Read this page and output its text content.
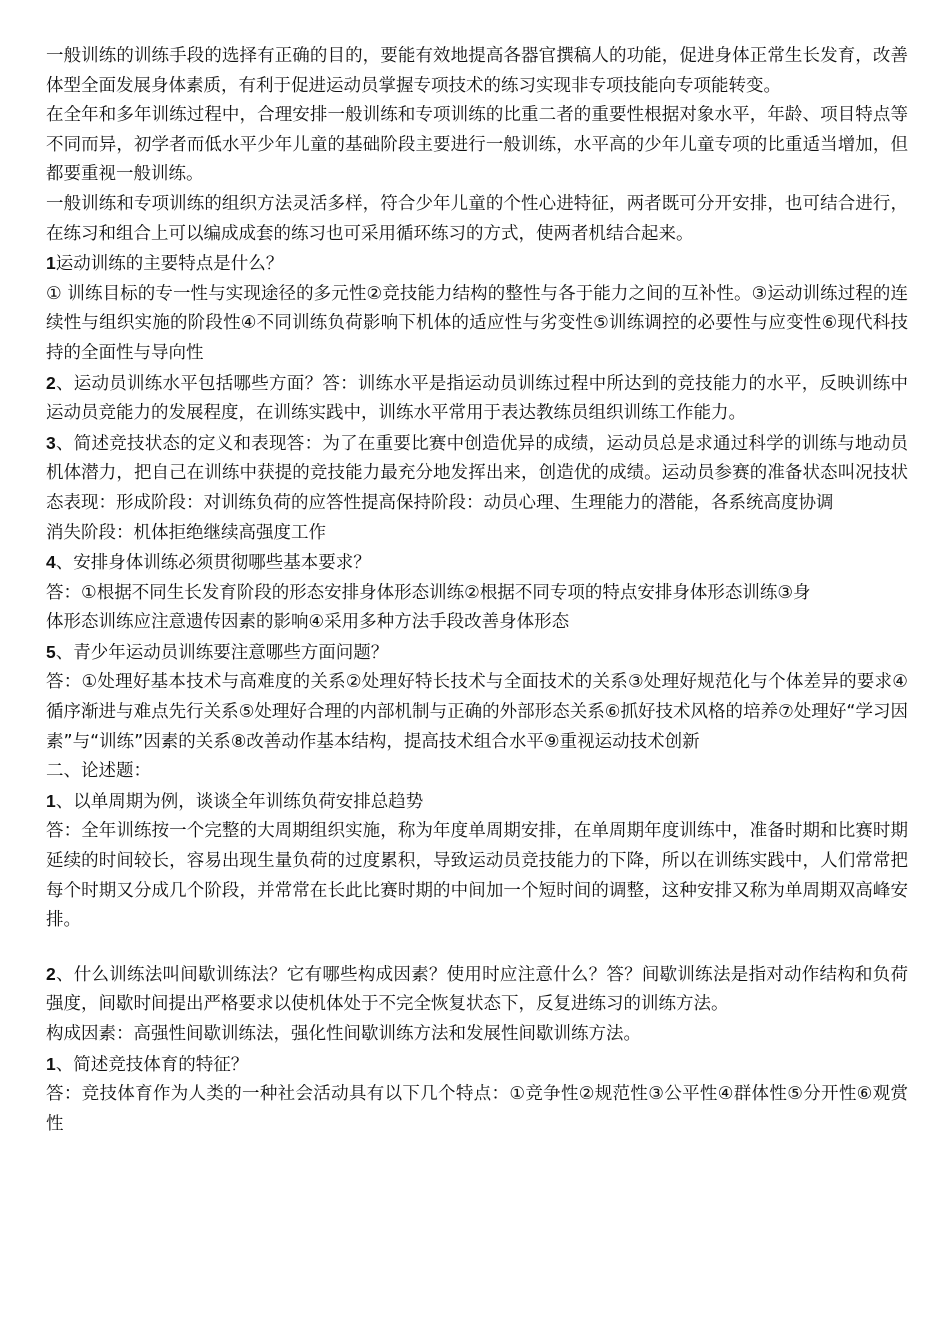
一般训练的训练手段的选择有正确的目的，要能有效地提高各器官撰稿人的功能，促进身体正常生长发育，改善体型全面发展身体素质，有利于促进运动员掌握专项技术的练习实现非专项技能向专项能转变。

在全年和多年训练过程中，合理安排一般训练和专项训练的比重二者的重要性根据对象水平，年龄、项目特点等不同而异，初学者而低水平少年儿童的基础阶段主要进行一般训练，水平高的少年儿童专项的比重适当增加，但都要重视一般训练。

一般训练和专项训练的组织方法灵活多样，符合少年儿童的个性心进特征，两者既可分开安排，也可结合进行，在练习和组合上可以编成成套的练习也可采用循环练习的方式，使两者机结合起来。

1运动训练的主要特点是什么？

① 训练目标的专一性与实现途径的多元性②竞技能力结构的整性与各于能力之间的互补性。③运动训练过程的连续性与组织实施的阶段性④不同训练负荷影响下机体的适应性与劣变性⑤训练调控的必要性与应变性⑥现代科技持的全面性与导向性

2、运动员训练水平包括哪些方面？答：训练水平是指运动员训练过程中所达到的竞技能力的水平，反映训练中运动员竞能力的发展程度，在训练实践中，训练水平常用于表达教练员组织训练工作能力。

3、简述竞技状态的定义和表现答：为了在重要比赛中创造优异的成绩，运动员总是求通过科学的训练与地动员机体潜力，把自己在训练中获提的竞技能力最充分地发挥出来，创造优的成绩。运动员参赛的准备状态叫况技状态表现：形成阶段：对训练负荷的应答性提高保持阶段：动员心理、生理能力的潜能，各系统高度协调

消失阶段：机体拒绝继续高强度工作

4、安排身体训练必须贯彻哪些基本要求？

答：①根据不同生长发育阶段的形态安排身体形态训练②根据不同专项的特点安排身体形态训练③身

体形态训练应注意遗传因素的影响④采用多种方法手段改善身体形态

5、青少年运动员训练要注意哪些方面问题？

答：①处理好基本技术与高难度的关系②处理好特长技术与全面技术的关系③处理好规范化与个体差异的要求④循序渐进与难点先行关系⑤处理好合理的内部机制与正确的外部形态关系⑥抓好技术风格的培养⑦处理好“学习因素”与“训练”因素的关系⑧改善动作基本结构，提高技术组合水平⑨重视运动技术创新

二、论述题：

1、以单周期为例，谈谈全年训练负荷安排总趋势

答：全年训练按一个完整的大周期组织实施，称为年度单周期安排，在单周期年度训练中，准备时期和比赛时期延续的时间较长，容易出现生量负荷的过度累积，导致运动员竞技能力的下降，所以在训练实践中，人们常常把每个时期又分成几个阶段，并常常在长此比赛时期的中间加一个短时间的调整，这种安排又称为单周期双高峰安排。

2、什么训练法叫间歇训练法？它有哪些构成因素？使用时应注意什么？答？间歇训练法是指对动作结构和负荷强度，间歇时间提出严格要求以使机体处于不完全恢复状态下，反复进练习的训练方法。

构成因素：高强性间歇训练法，强化性间歇训练方法和发展性间歇训练方法。

1、简述竞技体育的特征？

答：竞技体育作为人类的一种社会活动具有以下几个特点：①竞争性②规范性③公平性④群体性⑤分开性⑥观赏性
